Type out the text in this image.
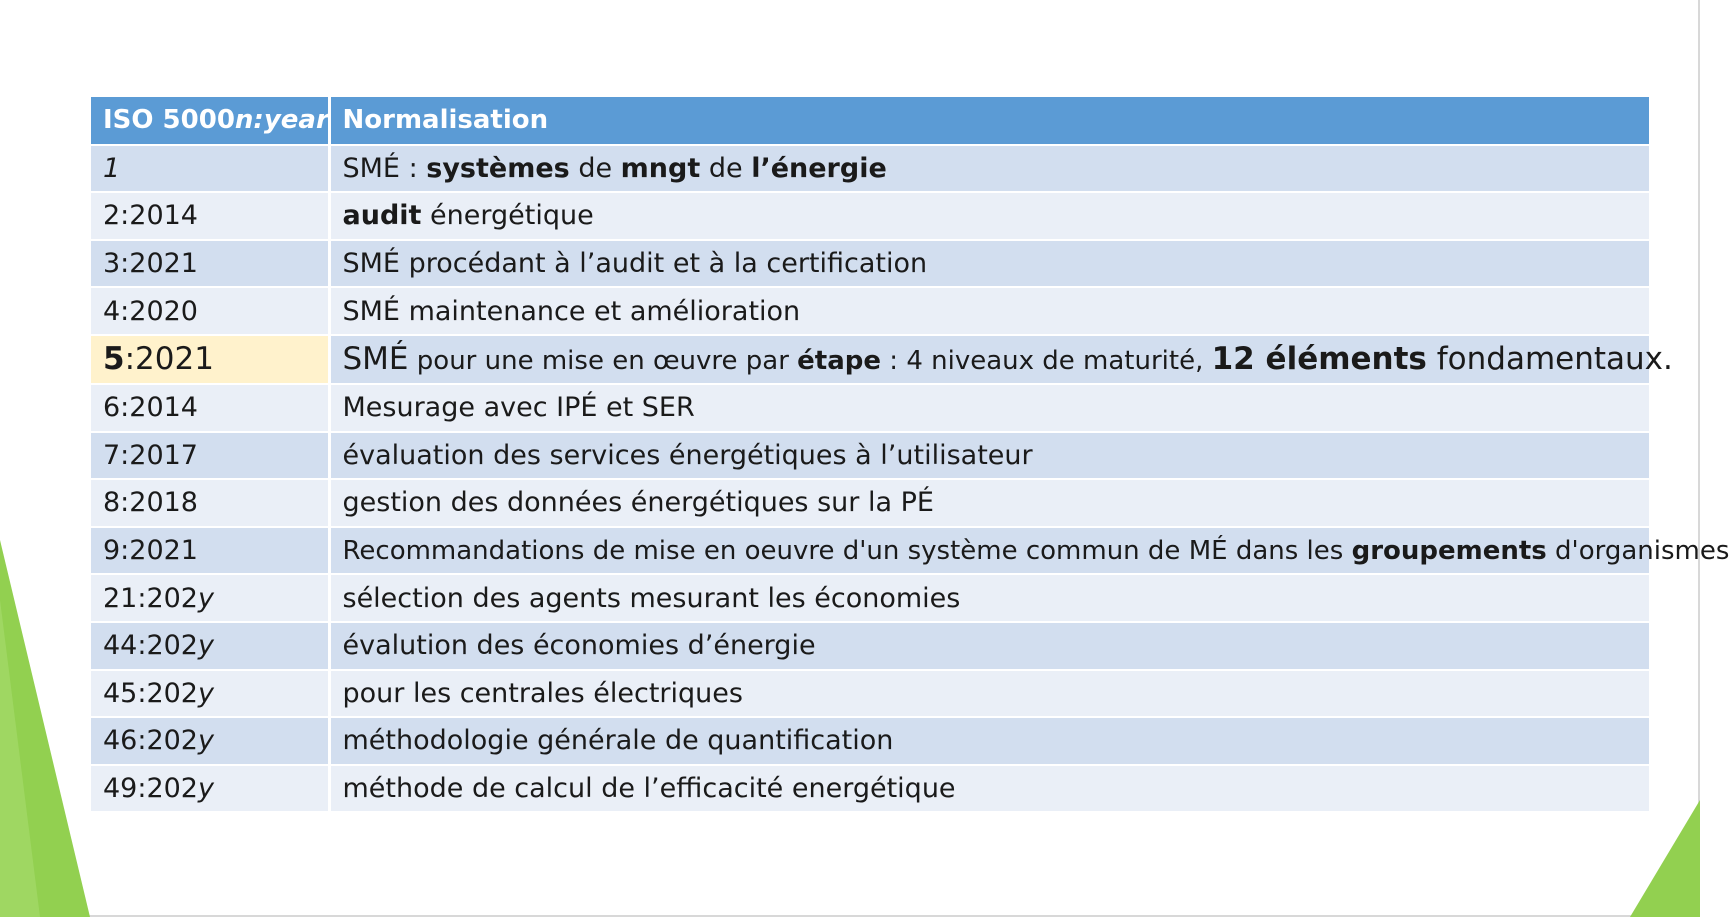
ISO 5000n:year	Normalisation
1	SMÉ : systèmes de mngt de l’énergie
2:2014	audit énergétique
3:2021	SMÉ procédant à l’audit et à la certification
4:2020	SMÉ maintenance et amélioration
5:2021	SMÉ pour une mise en œuvre par étape : 4 niveaux de maturité, 12 éléments fondamentaux.
6:2014	Mesurage avec IPÉ et SER
7:2017	évaluation des services énergétiques à l’utilisateur
8:2018	gestion des données énergétiques sur la PÉ
9:2021	Recommandations de mise en oeuvre d'un système commun de MÉ dans les groupements d'organismes
21:202y	sélection des agents mesurant les économies
44:202y	évalution des économies d’énergie
45:202y	pour les centrales électriques
46:202y	méthodologie générale de quantification
49:202y	méthode de calcul de l’efficacité energétique
